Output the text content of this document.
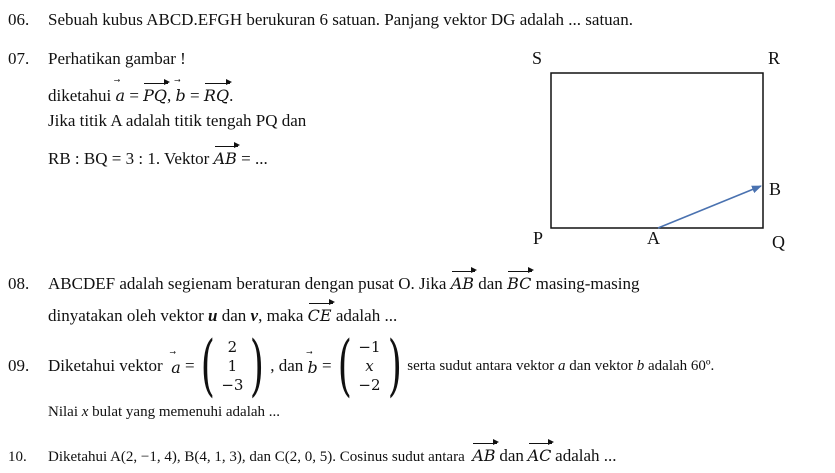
06. Sebuah kubus ABCD.EFGH berukuran 6 satuan. Panjang vektor DG adalah ... satuan.
07. Perhatikan gambar !
diketahui a = PQ, b = RQ.
Jika titik A adalah titik tengah PQ dan
RB : BQ = 3 : 1. Vektor AB = ...
S	R
P	Q
A
B
08. ABCDEF adalah segienam beraturan dengan pusat O. Jika AB dan BC masing-masing
dinyatakan oleh vektor u dan v, maka CE adalah ...
09.	Diketahui vektor
a
= ( 2
1
−3 ) , dan
b
= ( −1
x
−2 ) serta sudut antara vektor a dan vektor b adalah 60º.
Nilai x bulat yang memenuhi adalah ...
10. Diketahui A(2, −1, 4), B(4, 1, 3), dan C(2, 0, 5). Cosinus sudut antara AB dan AC adalah ...
